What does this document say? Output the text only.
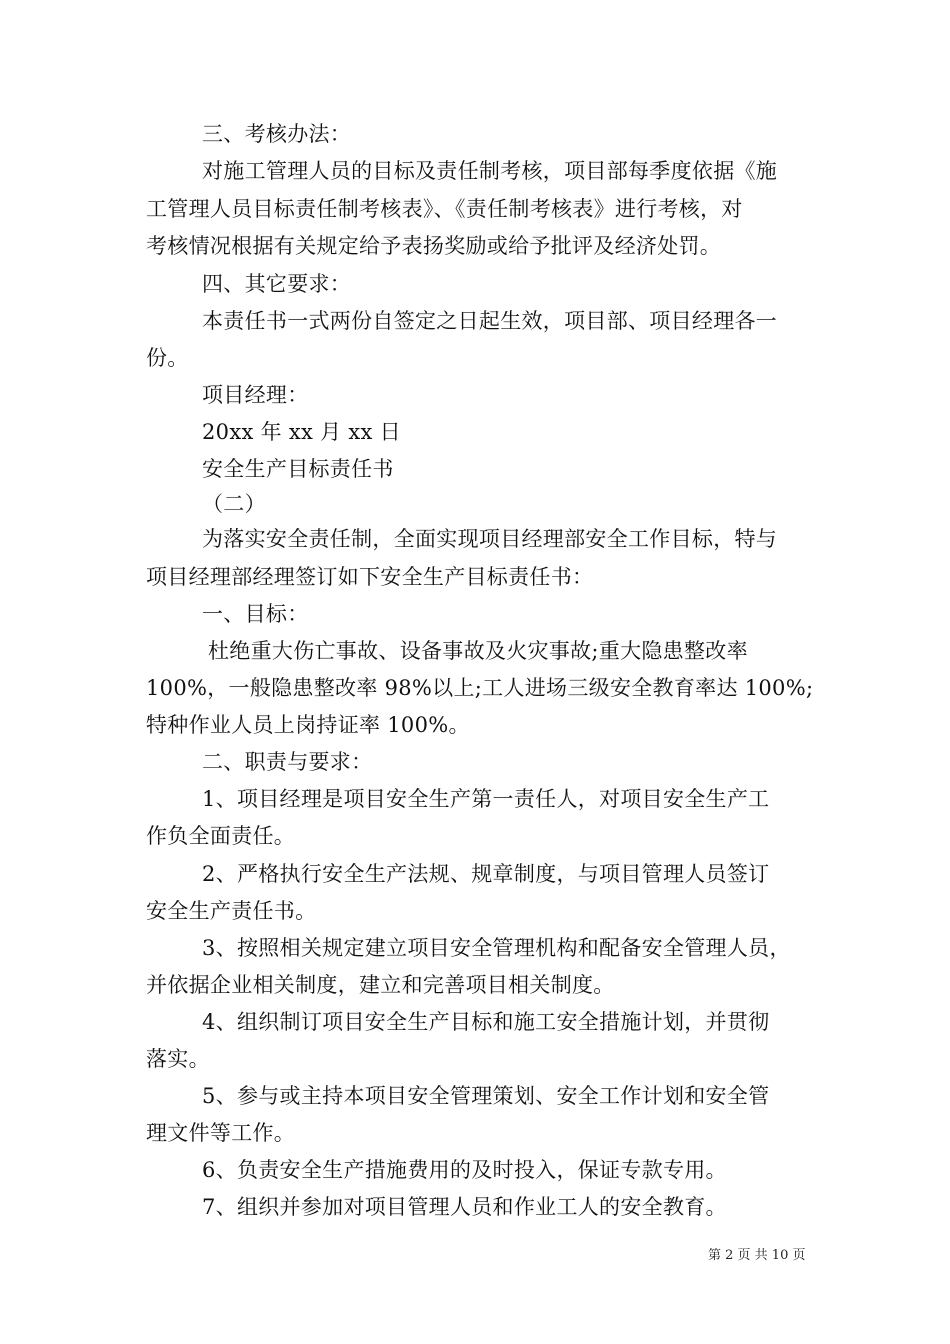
三、考核办法：
对施工管理人员的目标及责任制考核，项目部每季度依据《施
工管理人员目标责任制考核表》、《责任制考核表》进行考核，对
考核情况根据有关规定给予表扬奖励或给予批评及经济处罚。
四、其它要求：
本责任书一式两份自签定之日起生效，项目部、项目经理各一
份。
项目经理：
20xx 年 xx 月 xx 日
安全生产目标责任书
（二）
为落实安全责任制，全面实现项目经理部安全工作目标，特与
项目经理部经理签订如下安全生产目标责任书：
一、目标：
杜绝重大伤亡事故、设备事故及火灾事故;重大隐患整改率
100%，一般隐患整改率 98%以上;工人进场三级安全教育率达 100%;
特种作业人员上岗持证率 100%。
二、职责与要求：
1、项目经理是项目安全生产第一责任人，对项目安全生产工
作负全面责任。
2、严格执行安全生产法规、规章制度，与项目管理人员签订
安全生产责任书。
3、按照相关规定建立项目安全管理机构和配备安全管理人员，
并依据企业相关制度，建立和完善项目相关制度。
4、组织制订项目安全生产目标和施工安全措施计划，并贯彻
落实。
5、参与或主持本项目安全管理策划、安全工作计划和安全管
理文件等工作。
6、负责安全生产措施费用的及时投入，保证专款专用。
7、组织并参加对项目管理人员和作业工人的安全教育。
第 2 页 共 10 页
